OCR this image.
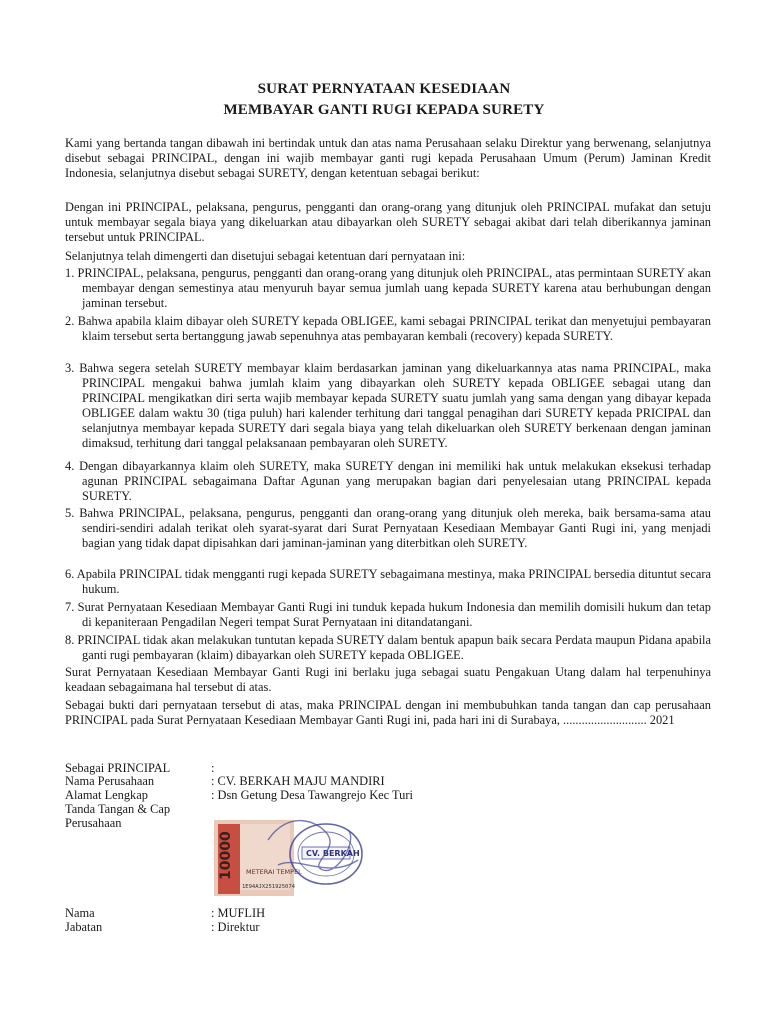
SURAT PERNYATAAN KESEDIAAN
MEMBAYAR GANTI RUGI KEPADA SURETY
Kami yang bertanda tangan dibawah ini bertindak untuk dan atas nama Perusahaan selaku Direktur yang berwenang, selanjutnya disebut sebagai PRINCIPAL, dengan ini wajib membayar ganti rugi kepada Perusahaan Umum (Perum) Jaminan Kredit Indonesia, selanjutnya disebut sebagai SURETY, dengan ketentuan sebagai berikut:
Dengan ini PRINCIPAL, pelaksana, pengurus, pengganti dan orang-orang yang ditunjuk oleh PRINCIPAL mufakat dan setuju untuk membayar segala biaya yang dikeluarkan atau dibayarkan oleh SURETY sebagai akibat dari telah diberikannya jaminan tersebut untuk PRINCIPAL.
Selanjutnya telah dimengerti dan disetujui sebagai ketentuan dari pernyataan ini:
1. PRINCIPAL, pelaksana, pengurus, pengganti dan orang-orang yang ditunjuk oleh PRINCIPAL, atas permintaan SURETY akan membayar dengan semestinya atau menyuruh bayar semua jumlah uang kepada SURETY karena atau berhubungan dengan jaminan tersebut.
2. Bahwa apabila klaim dibayar oleh SURETY kepada OBLIGEE, kami sebagai PRINCIPAL terikat dan menyetujui pembayaran klaim tersebut serta bertanggung jawab sepenuhnya atas pembayaran kembali (recovery) kepada SURETY.
3. Bahwa segera setelah SURETY membayar klaim berdasarkan jaminan yang dikeluarkannya atas nama PRINCIPAL, maka PRINCIPAL mengakui bahwa jumlah klaim yang dibayarkan oleh SURETY kepada OBLIGEE sebagai utang dan PRINCIPAL mengikatkan diri serta wajib membayar kepada SURETY suatu jumlah yang sama dengan yang dibayar kepada OBLIGEE dalam waktu 30 (tiga puluh) hari kalender terhitung dari tanggal penagihan dari SURETY kepada PRICIPAL dan selanjutnya membayar kepada SURETY dari segala biaya yang telah dikeluarkan oleh SURETY berkenaan dengan jaminan dimaksud, terhitung dari tanggal pelaksanaan pembayaran oleh SURETY.
4. Dengan dibayarkannya klaim oleh SURETY, maka SURETY dengan ini memiliki hak untuk melakukan eksekusi terhadap agunan PRINCIPAL sebagaimana Daftar Agunan yang merupakan bagian dari penyelesaian utang PRINCIPAL kepada SURETY.
5. Bahwa PRINCIPAL, pelaksana, pengurus, pengganti dan orang-orang yang ditunjuk oleh mereka, baik bersama-sama atau sendiri-sendiri adalah terikat oleh syarat-syarat dari Surat Pernyataan Kesediaan Membayar Ganti Rugi ini, yang menjadi bagian yang tidak dapat dipisahkan dari jaminan-jaminan yang diterbitkan oleh SURETY.
6. Apabila PRINCIPAL tidak mengganti rugi kepada SURETY sebagaimana mestinya, maka PRINCIPAL bersedia dituntut secara hukum.
7. Surat Pernyataan Kesediaan Membayar Ganti Rugi ini tunduk kepada hukum Indonesia dan memilih domisili hukum dan tetap di kepaniteraan Pengadilan Negeri tempat Surat Pernyataan ini ditandatangani.
8. PRINCIPAL tidak akan melakukan tuntutan kepada SURETY dalam bentuk apapun baik secara Perdata maupun Pidana apabila ganti rugi pembayaran (klaim) dibayarkan oleh SURETY kepada OBLIGEE.
Surat Pernyataan Kesediaan Membayar Ganti Rugi ini berlaku juga sebagai suatu Pengakuan Utang dalam hal terpenuhinya keadaan sebagaimana hal tersebut di atas.
Sebagai bukti dari pernyataan tersebut di atas, maka PRINCIPAL dengan ini membubuhkan tanda tangan dan cap perusahaan PRINCIPAL pada Surat Pernyataan Kesediaan Membayar Ganti Rugi ini, pada hari ini di Surabaya, ........................... 2021
Sebagai PRINCIPAL	:
Nama Perusahaan	: CV. BERKAH MAJU MANDIRI
Alamat Lengkap	: Dsn Getung Desa Tawangrejo Kec Turi
Tanda Tangan & Cap
Perusahaan
10000 METERAI TEMPEL
1E94AJX251925074
CV. BERKAH
Nama	: MUFLIH
Jabatan	: Direktur
